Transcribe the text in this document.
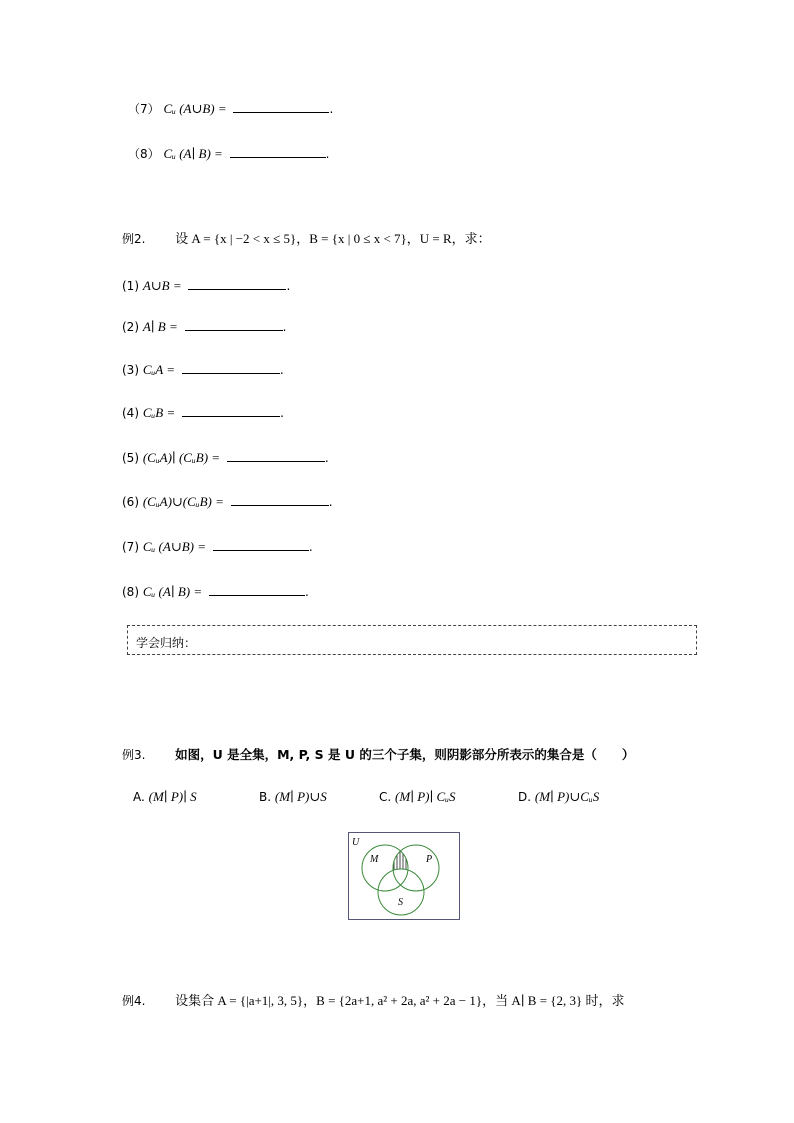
（7） Cᵤ (A∪B) =	.
（8） Cᵤ (A∣ B) =	.
例2. 设 A = {x | −2 < x ≤ 5}，B = {x | 0 ≤ x < 7}，U = R，求：
(1) A∪B =	.
(2) A∣ B =	.
(3) CᵤA =	.
(4) CᵤB =	.
(5) (CᵤA)∣ (CᵤB) =	.
(6) (CᵤA)∪(CᵤB) =	.
(7) Cᵤ (A∪B) =	.
(8) Cᵤ (A∣ B) =	.
学会归纳：
例3. 如图，U 是全集，M, P, S 是 U 的三个子集，则阴影部分所表示的集合是（　　）
A. (M∣ P)∣ S	B. (M∣ P)∪S	C. (M∣ P)∣ CᵤS	D. (M∣ P)∪CᵤS
U
M	P
S
例4. 设集合 A = {|a+1|, 3, 5}，B = {2a+1, a² + 2a, a² + 2a − 1}，当 A∣ B = {2, 3} 时，求
